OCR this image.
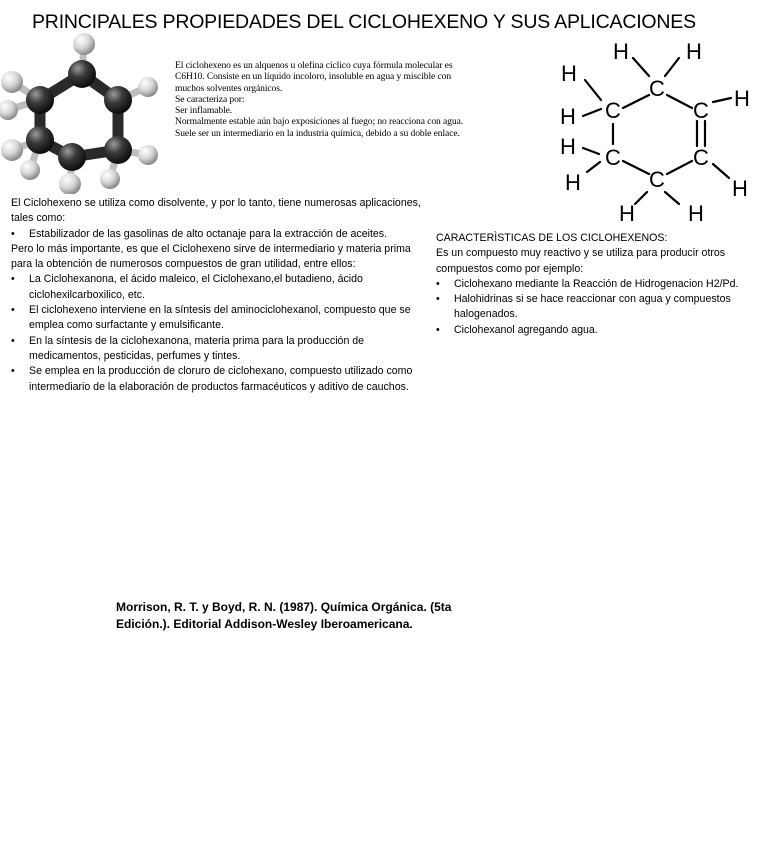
PRINCIPALES PROPIEDADES DEL CICLOHEXENO Y SUS APLICACIONES

El ciclohexeno es un alquenos u olefina cíclico cuya fórmula molecular es

C6H10. Consiste en un líquido incoloro, insoluble en agua y miscible con

muchos solventes orgánicos.

Se caracteriza por:

Ser inflamable.

Normalmente estable aún bajo exposiciones al fuego; no reacciona con agua.

Suele ser un intermediario en la industria química, debido a su doble enlace.

C
C
C
C
C
C
H	H
H
H
H
H
H
H
H
H

El Ciclohexeno se utiliza como disolvente, y por lo tanto, tiene numerosas aplicaciones, tales como:

• Estabilizador de las gasolinas de alto octanaje para la extracción de aceites.

Pero lo más importante, es que el Ciclohexeno sirve de intermediario y materia prima para la obtención de numerosos compuestos de gran utilidad, entre ellos:

• La Ciclohexanona, el ácido maleico, el Ciclohexano,el butadieno, ácido ciclohexilcarboxilico, etc.
• El ciclohexeno interviene en la síntesis del aminociclohexanol, compuesto que se emplea como surfactante y emulsificante.
• En la síntesis de la ciclohexanona, materia prima para la producción de medicamentos, pesticidas, perfumes y tintes.
• Se emplea en la producción de cloruro de ciclohexano, compuesto utilizado como intermediario de la elaboración de productos farmacéuticos y aditivo de cauchos.

CARACTERÌSTICAS DE LOS CICLOHEXENOS:

Es un compuesto muy reactivo y se utiliza para producir otros compuestos como por ejemplo:

• Ciclohexano mediante la Reacción de Hidrogenacion H2/Pd.
• Halohidrinas si se hace reaccionar con agua y compuestos halogenados.
• Ciclohexanol agregando agua.

Morrison, R. T. y Boyd, R. N. (1987). Química Orgánica. (5ta

Edición.). Editorial Addison-Wesley Iberoamericana.
